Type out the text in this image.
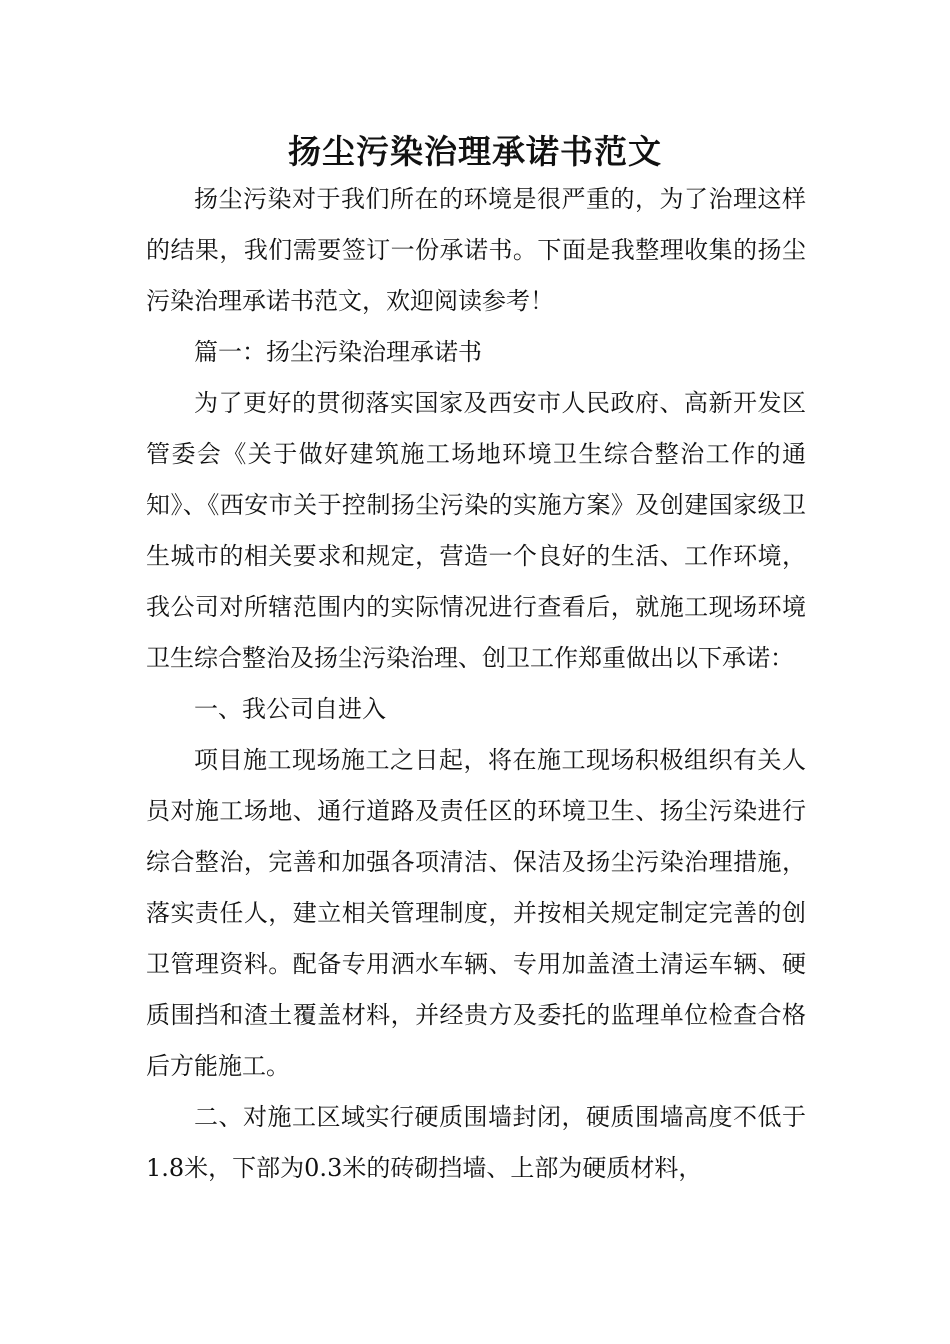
扬尘污染治理承诺书范文

扬尘污染对于我们所在的环境是很严重的，为了治理这样的结果，我们需要签订一份承诺书。下面是我整理收集的扬尘污染治理承诺书范文，欢迎阅读参考！

篇一：扬尘污染治理承诺书

为了更好的贯彻落实国家及西安市人民政府、高新开发区管委会《关于做好建筑施工场地环境卫生综合整治工作的通知》、《西安市关于控制扬尘污染的实施方案》及创建国家级卫生城市的相关要求和规定，营造一个良好的生活、工作环境，我公司对所辖范围内的实际情况进行查看后，就施工现场环境卫生综合整治及扬尘污染治理、创卫工作郑重做出以下承诺：

一、我公司自进入

项目施工现场施工之日起，将在施工现场积极组织有关人员对施工场地、通行道路及责任区的环境卫生、扬尘污染进行综合整治，完善和加强各项清洁、保洁及扬尘污染治理措施，落实责任人，建立相关管理制度，并按相关规定制定完善的创卫管理资料。配备专用洒水车辆、专用加盖渣土清运车辆、硬质围挡和渣土覆盖材料，并经贵方及委托的监理单位检查合格后方能施工。

二、对施工区域实行硬质围墙封闭，硬质围墙高度不低于1.8米，下部为0.3米的砖砌挡墙、上部为硬质材料，
